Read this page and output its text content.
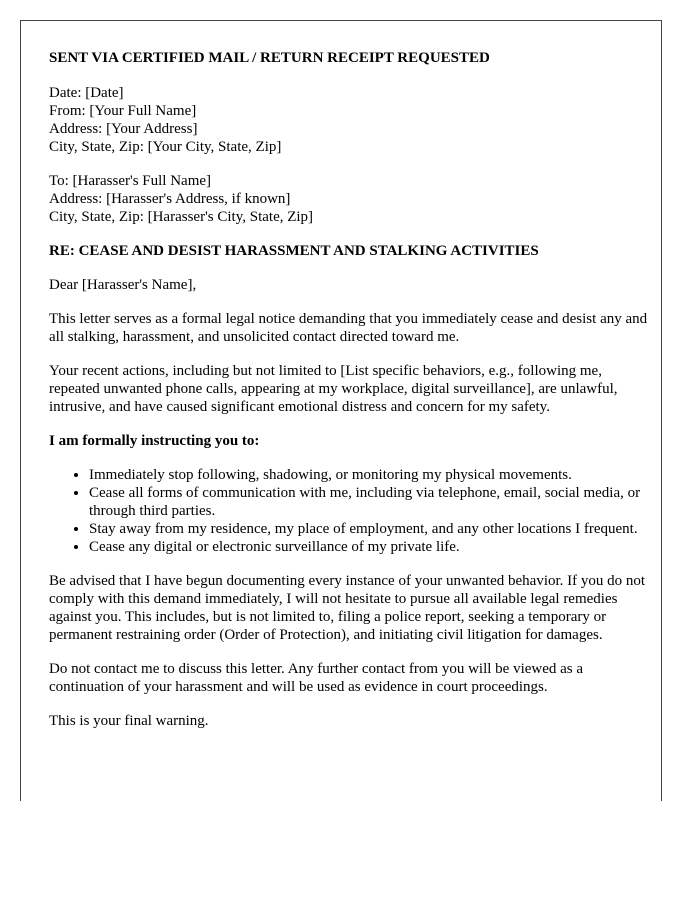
SENT VIA CERTIFIED MAIL / RETURN RECEIPT REQUESTED

Date: [Date]
From: [Your Full Name]
Address: [Your Address]
City, State, Zip: [Your City, State, Zip]

To: [Harasser's Full Name]
Address: [Harasser's Address, if known]
City, State, Zip: [Harasser's City, State, Zip]

RE: CEASE AND DESIST HARASSMENT AND STALKING ACTIVITIES

Dear [Harasser's Name],

This letter serves as a formal legal notice demanding that you immediately cease and desist any and all stalking, harassment, and unsolicited contact directed toward me.

Your recent actions, including but not limited to [List specific behaviors, e.g., following me, repeated unwanted phone calls, appearing at my workplace, digital surveillance], are unlawful, intrusive, and have caused significant emotional distress and concern for my safety.

I am formally instructing you to:

• Immediately stop following, shadowing, or monitoring my physical movements.
• Cease all forms of communication with me, including via telephone, email, social media, or through third parties.
• Stay away from my residence, my place of employment, and any other locations I frequent.
• Cease any digital or electronic surveillance of my private life.

Be advised that I have begun documenting every instance of your unwanted behavior. If you do not comply with this demand immediately, I will not hesitate to pursue all available legal remedies against you. This includes, but is not limited to, filing a police report, seeking a temporary or permanent restraining order (Order of Protection), and initiating civil litigation for damages.

Do not contact me to discuss this letter. Any further contact from you will be viewed as a continuation of your harassment and will be used as evidence in court proceedings.

This is your final warning.
